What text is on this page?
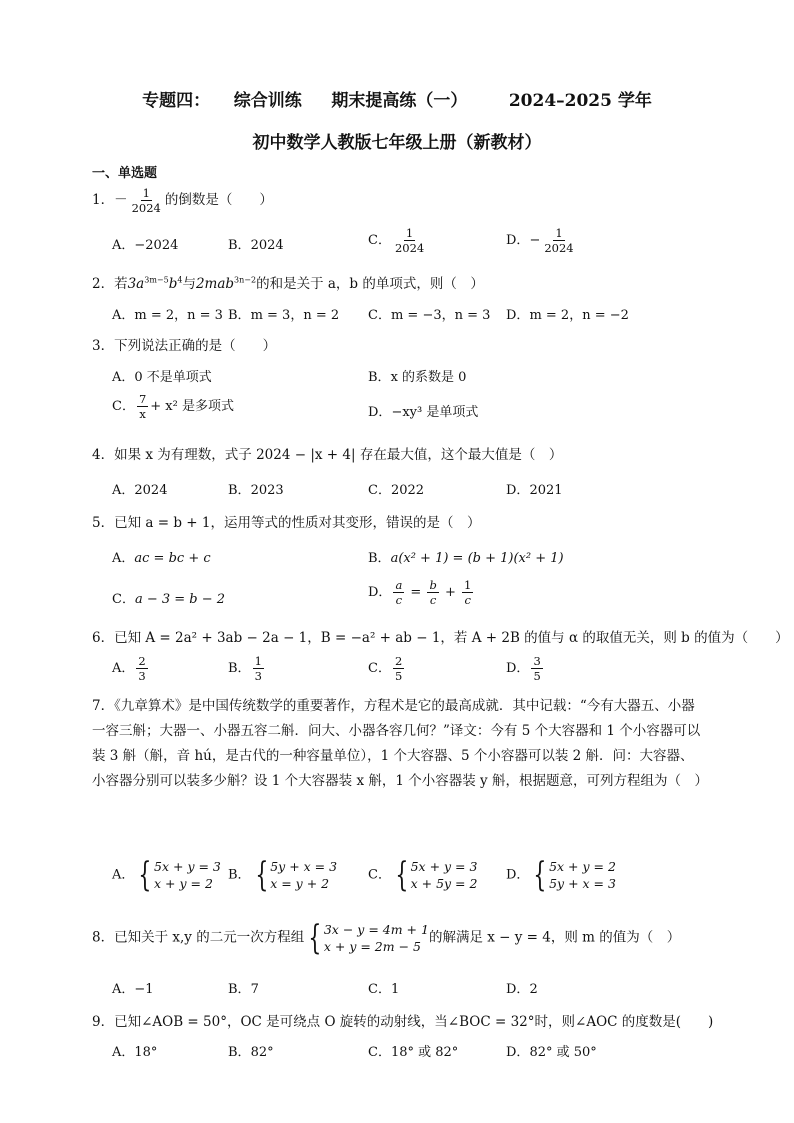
专题四： 综合训练 期末提高练（一） 2024–2025 学年
初中数学人教版七年级上册（新教材）
一、单选题
1．－ $\frac{1}{2024}$ 的倒数是（　　）
A．−2024	B．2024	C． $\frac{1}{2024}$	D．− $\frac{1}{2024}$
2．若$3a^{3m-5}b^4$与2mab$^{3n-2}$的和是关于 a，b 的单项式，则（　）
A．m = 2，n = 3 B．m = 3，n = 2 C．m = −3，n = 3 D．m = 2，n = −2
3．下列说法正确的是（　　）
A．0 不是单项式	B．x 的系数是 0
C． $\frac{7}{x} + x^2$ 是多项式	D．−xy³ 是单项式
4．如果 x 为有理数，式子 2024 − |x + 4| 存在最大值，这个最大值是（　）
A．2024	B．2023	C．2022	D．2021
5．已知 a = b + 1，运用等式的性质对其变形，错误的是（　）
A．ac = bc + c	B．a(x² + 1) = (b + 1)(x² + 1)
C．a − 3 = b − 2	D． $\frac{a}{c} = \frac{b}{c} + \frac{1}{c}$
6．已知 A = 2a² + 3ab − 2a − 1，B = −a² + ab − 1，若 A + 2B 的值与 α 的取值无关，则 b 的值为（　　）
A． $\frac{2}{3}$	B． $\frac{1}{3}$	C． $\frac{2}{5}$	D． $\frac{3}{5}$
7．《九章算术》是中国传统数学的重要著作，方程术是它的最高成就．其中记载：“今有大器五、小器一容三斛；大器一、小器五容二斛．问大、小器各容几何？”译文：今有 5 个大容器和 1 个小容器可以装 3 斛（斛，音 hú，是古代的一种容量单位），1 个大容器、5 个小容器可以装 2 斛．问：大容器、小容器分别可以装多少斛？设 1 个大容器装 x 斛，1 个小容器装 y 斛，根据题意，可列方程组为（　）
A． { 5x + y = 3
x + y = 2
B． { 5y + x = 3
x = y + 2
C． { 5x + y = 3
x + 5y = 2
D． { 5x + y = 2
5y + x = 3
8．已知关于 x,y 的二元一次方程组 { 3x − y = 4m + 1
x + y = 2m − 5
的解满足 x − y = 4，则 m 的值为（　）
A．−1	B．7	C．1	D．2
9．已知∠AOB = 50°，OC 是可绕点 O 旋转的动射线，当∠BOC = 32°时，则∠AOC 的度数是(　　)
A．18°	B．82°	C．18° 或 82°	D．82° 或 50°
